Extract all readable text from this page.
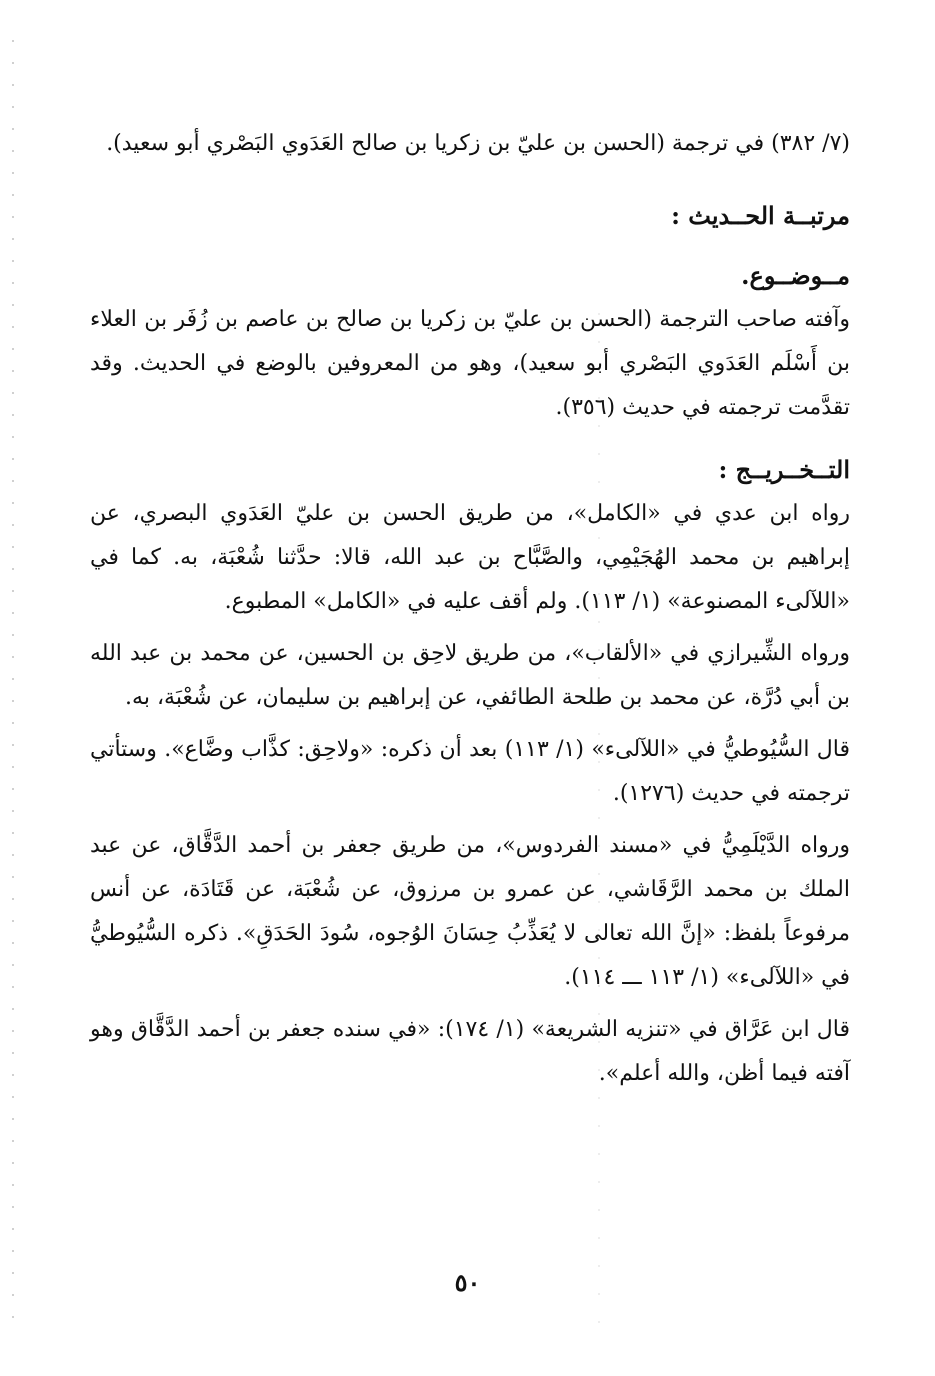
(٧/ ٣٨٢) في ترجمة (الحسن بن عليّ بن زكريا بن صالح العَدَوي البَصْري أبو سعيد).

مرتبــة الحــديث :

مــوضــوع.

وآفته صاحب الترجمة (الحسن بن عليّ بن زكريا بن صالح بن عاصم بن زُفَر بن العلاء بن أَسْلَم العَدَوي البَصْري أبو سعيد)، وهو من المعروفين بالوضع في الحديث. وقد تقدَّمت ترجمته في حديث (٣٥٦).

التــخــريــج :

رواه ابن عدي في «الكامل»، من طريق الحسن بن عليّ العَدَوي البصري، عن إبراهيم بن محمد الهُجَيْمِي، والصَّبَّاح بن عبد الله، قالا: حدَّثنا شُعْبَة، به. كما في «اللآلىء المصنوعة» (١/ ١١٣). ولم أقف عليه في «الكامل» المطبوع.

ورواه الشِّيرازي في «الألقاب»، من طريق لاحِق بن الحسين، عن محمد بن عبد الله بن أبي دُرَّة، عن محمد بن طلحة الطائفي، عن إبراهيم بن سليمان، عن شُعْبَة، به.

قال السُّيُوطيُّ في «اللآلىء» (١/ ١١٣) بعد أن ذكره: «ولاحِق: كذَّاب وضَّاع». وستأتي ترجمته في حديث (١٢٧٦).

ورواه الدَّيْلَمِيُّ في «مسند الفردوس»، من طريق جعفر بن أحمد الدَّقَّاق، عن عبد الملك بن محمد الرَّقَاشي، عن عمرو بن مرزوق، عن شُعْبَة، عن قَتَادَة، عن أنس مرفوعاً بلفظ: «إنَّ الله تعالى لا يُعَذِّبُ حِسَانَ الوُجوه، سُودَ الحَدَقِ». ذكره السُّيُوطيُّ في «اللآلىء» (١/ ١١٣ ـــ ١١٤).

قال ابن عَرَّاق في «تنزيه الشريعة» (١/ ١٧٤): «في سنده جعفر بن أحمد الدَّقَّاق وهو آفته فيما أظن، والله أعلم».

٥٠
